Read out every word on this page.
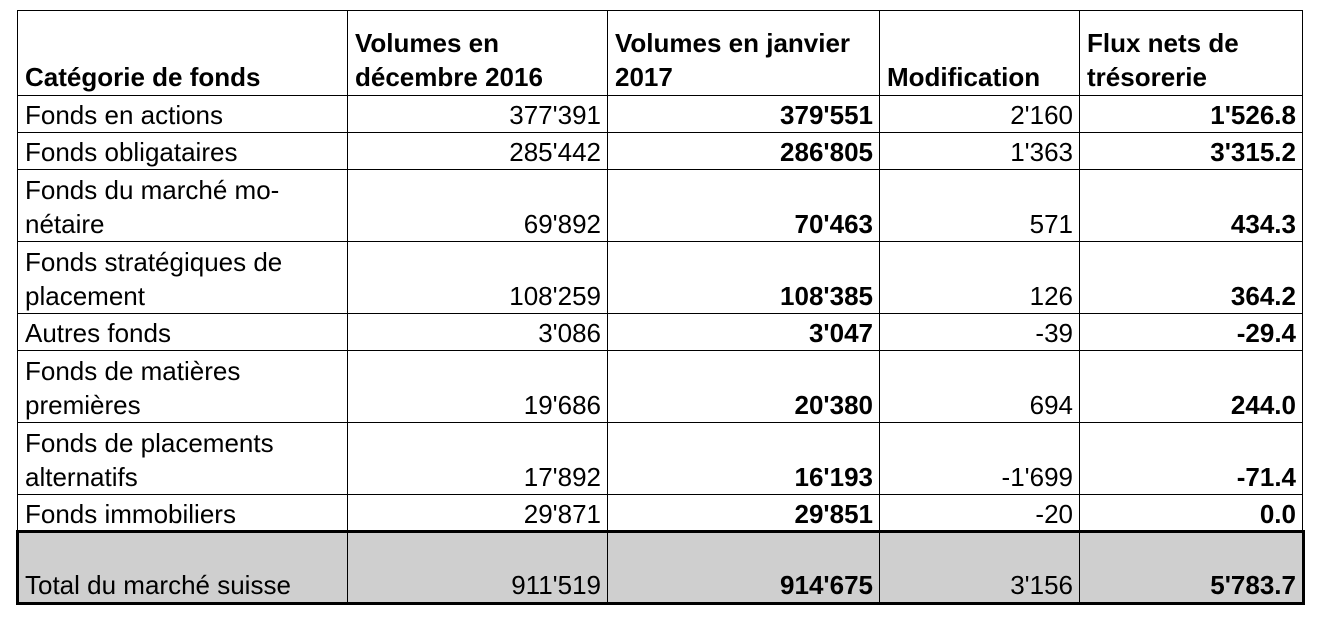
Catégorie de fonds	Volumes en décembre 2016	Volumes en janvier 2017	Modification	Flux nets de trésorerie
Fonds en actions	377'391	379'551	2'160	1'526.8
Fonds obligataires	285'442	286'805	1'363	3'315.2
Fonds du marché mo-nétaire	69'892	70'463	571	434.3
Fonds stratégiques de placement	108'259	108'385	126	364.2
Autres fonds	3'086	3'047	-39	-29.4
Fonds de matières premières	19'686	20'380	694	244.0
Fonds de placements alternatifs	17'892	16'193	-1'699	-71.4
Fonds immobiliers	29'871	29'851	-20	0.0
Total du marché suisse	911'519	914'675	3'156	5'783.7
